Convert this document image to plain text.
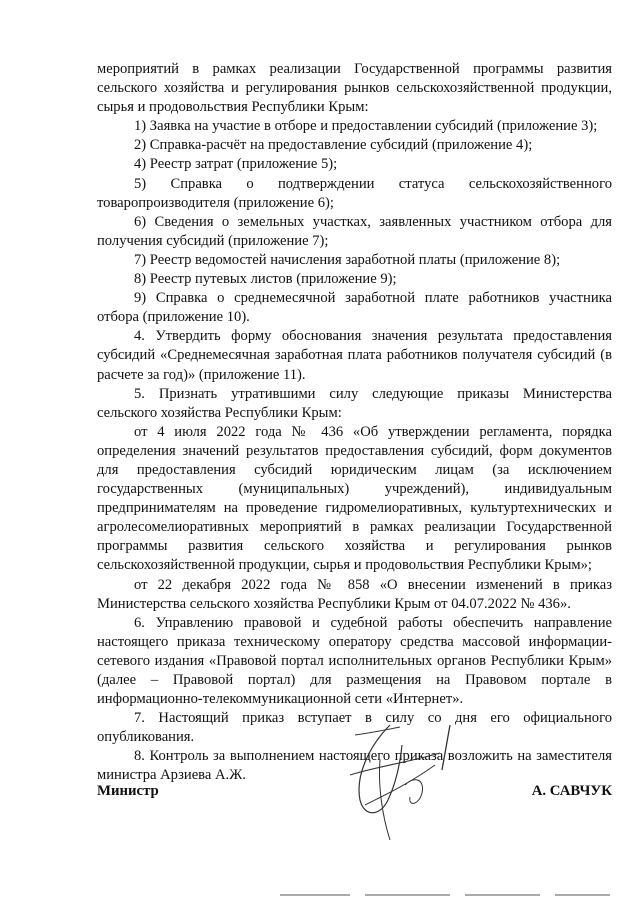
мероприятий в рамках реализации Государственной программы развития сельского хозяйства и регулирования рынков сельскохозяйственной продукции, сырья и продовольствия Республики Крым:

1) Заявка на участие в отборе и предоставлении субсидий (приложение 3);

2) Справка-расчёт на предоставление субсидий (приложение 4);

4) Реестр затрат (приложение 5);

5) Справка о подтверждении статуса сельскохозяйственного товаропроизводителя (приложение 6);

6) Сведения о земельных участках, заявленных участником отбора для получения субсидий (приложение 7);

7) Реестр ведомостей начисления заработной платы (приложение 8);

8) Реестр путевых листов (приложение 9);

9) Справка о среднемесячной заработной плате работников участника отбора (приложение 10).

4. Утвердить форму обоснования значения результата предоставления субсидий «Среднемесячная заработная плата работников получателя субсидий (в расчете за год)» (приложение 11).

5. Признать утратившими силу следующие приказы Министерства сельского хозяйства Республики Крым:

от 4 июля 2022 года № 436 «Об утверждении регламента, порядка определения значений результатов предоставления субсидий, форм документов для предоставления субсидий юридическим лицам (за исключением государственных (муниципальных) учреждений), индивидуальным предпринимателям на проведение гидромелиоративных, культуртехнических и агролесомелиоративных мероприятий в рамках реализации Государственной программы развития сельского хозяйства и регулирования рынков сельскохозяйственной продукции, сырья и продовольствия Республики Крым»;

от 22 декабря 2022 года № 858 «О внесении изменений в приказ Министерства сельского хозяйства Республики Крым от 04.07.2022 № 436».

6. Управлению правовой и судебной работы обеспечить направление настоящего приказа техническому оператору средства массовой информации-сетевого издания «Правовой портал исполнительных органов Республики Крым» (далее – Правовой портал) для размещения на Правовом портале в информационно-телекоммуникационной сети «Интернет».

7. Настоящий приказ вступает в силу со дня его официального опубликования.

8. Контроль за выполнением настоящего приказа возложить на заместителя министра Арзиева А.Ж.

Министр	А. САВЧУК
